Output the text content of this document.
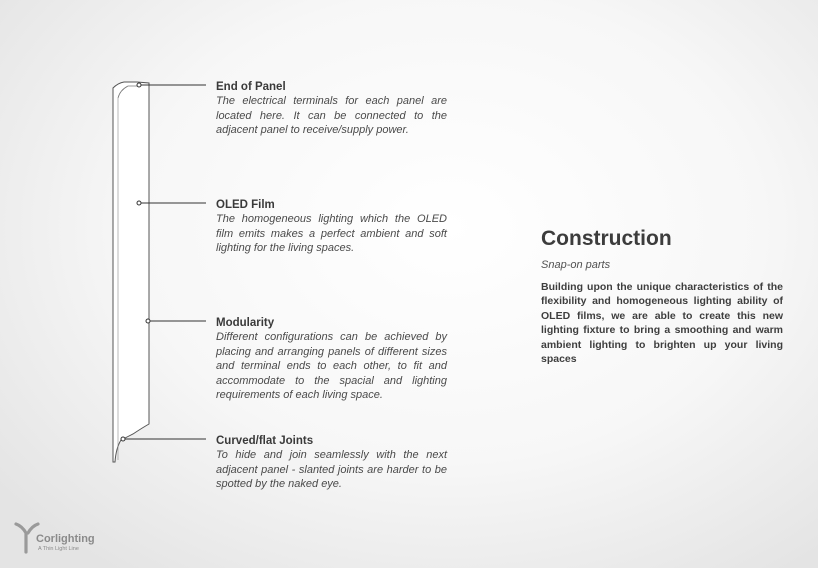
End of Panel
The electrical terminals for each panel are located here. It can be connected to the adjacent panel to receive/supply power.
OLED Film
The homogeneous lighting which the OLED film emits makes a perfect ambient and soft lighting for the living spaces.
Modularity
Different configurations can be achieved by placing and arranging panels of different sizes and terminal ends to each other, to fit and accommodate to the spacial and lighting requirements of each living space.
Curved/flat Joints
To hide and join seamlessly with the next adjacent panel - slanted joints are harder to be spotted by the naked eye.
Construction
Snap-on parts
Building upon the unique characteristics of the flexibility and homogeneous lighting ability of OLED films, we are able to create this new lighting fixture to bring a smoothing and warm ambient lighting to brighten up your living spaces
Corlighting
A Thin Light Line
